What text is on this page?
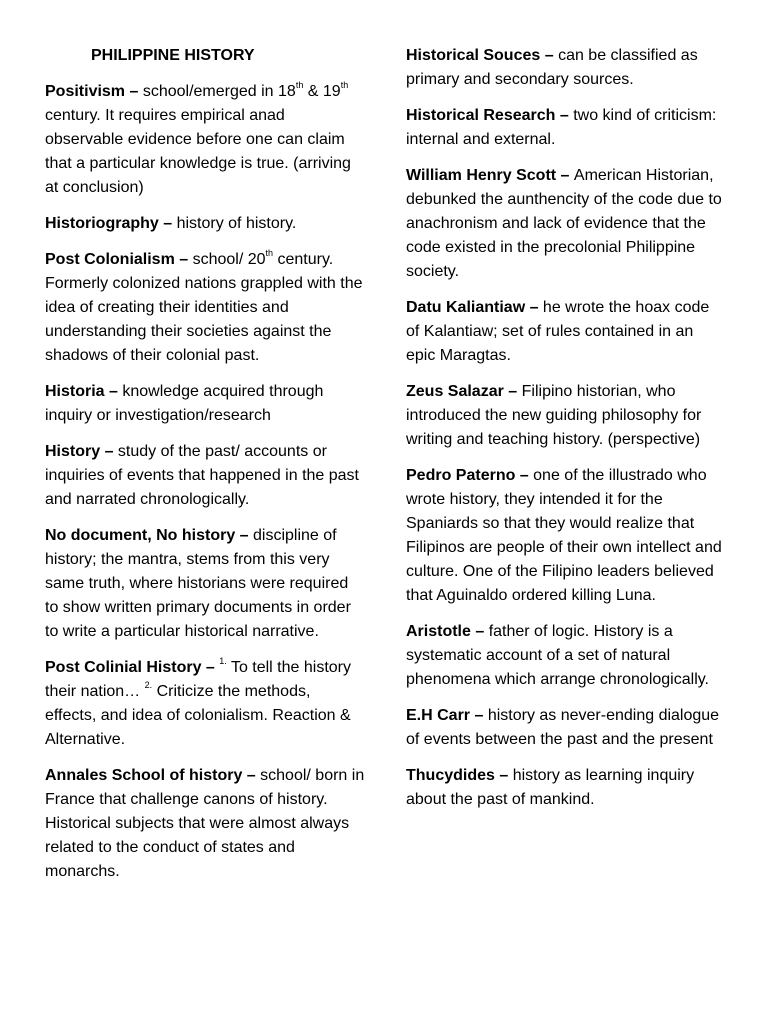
PHILIPPINE HISTORY
Positivism – school/emerged in 18th & 19th century. It requires empirical anad observable evidence before one can claim that a particular knowledge is true. (arriving at conclusion)
Historiography – history of history.
Post Colonialism – school/ 20th century. Formerly colonized nations grappled with the idea of creating their identities and understanding their societies against the shadows of their colonial past.
Historia – knowledge acquired through inquiry or investigation/research
History – study of the past/ accounts or inquiries of events that happened in the past and narrated chronologically.
No document, No history – discipline of history; the mantra, stems from this very same truth, where historians were required to show written primary documents in order to write a particular historical narrative.
Post Colinial History – $^{1.}$ To tell the history their nation… $^{2.}$ Criticize the methods, effects, and idea of colonialism. Reaction & Alternative.
Annales School of history – school/ born in France that challenge canons of history. Historical subjects that were almost always related to the conduct of states and monarchs.
Historical Souces – can be classified as primary and secondary sources.
Historical Research – two kind of criticism: internal and external.
William Henry Scott – American Historian, debunked the aunthencity of the code due to anachronism and lack of evidence that the code existed in the precolonial Philippine society.
Datu Kaliantiaw – he wrote the hoax code of Kalantiaw; set of rules contained in an epic Maragtas.
Zeus Salazar – Filipino historian, who introduced the new guiding philosophy for writing and teaching history. (perspective)
Pedro Paterno – one of the illustrado who wrote history, they intended it for the Spaniards so that they would realize that Filipinos are people of their own intellect and culture. One of the Filipino leaders believed that Aguinaldo ordered killing Luna.
Aristotle – father of logic. History is a systematic account of a set of natural phenomena which arrange chronologically.
E.H Carr – history as never-ending dialogue of events between the past and the present
Thucydides – history as learning inquiry about the past of mankind.
